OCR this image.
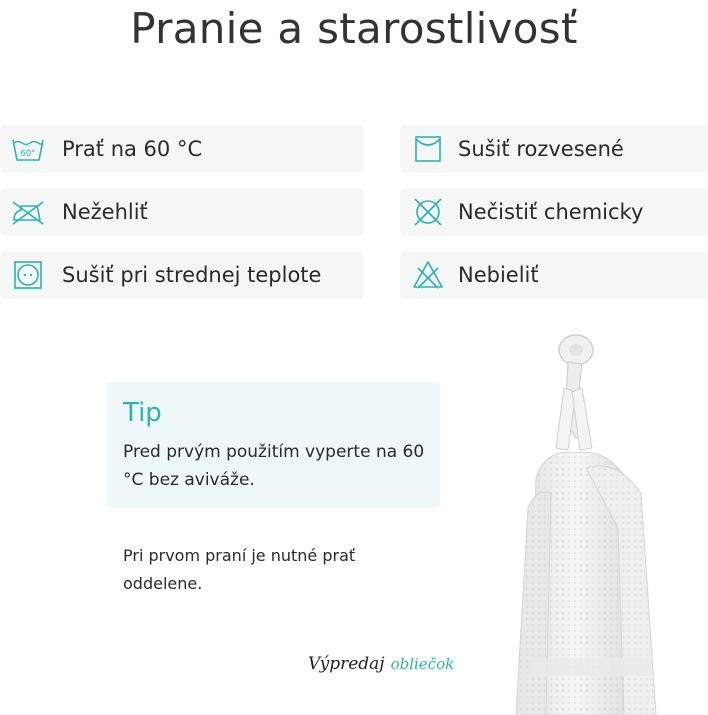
Pranie a starostlivosť
60° Prať na 60 °C
Nežehliť
Sušiť pri strednej teplote
Sušiť rozvesené
Nečistiť chemicky
Nebieliť
Tip
Pred prvým použitím vyperte na 60 °C bez aviváže.
Pri prvom praní je nutné prať oddelene.
Výpredaj obliečok
